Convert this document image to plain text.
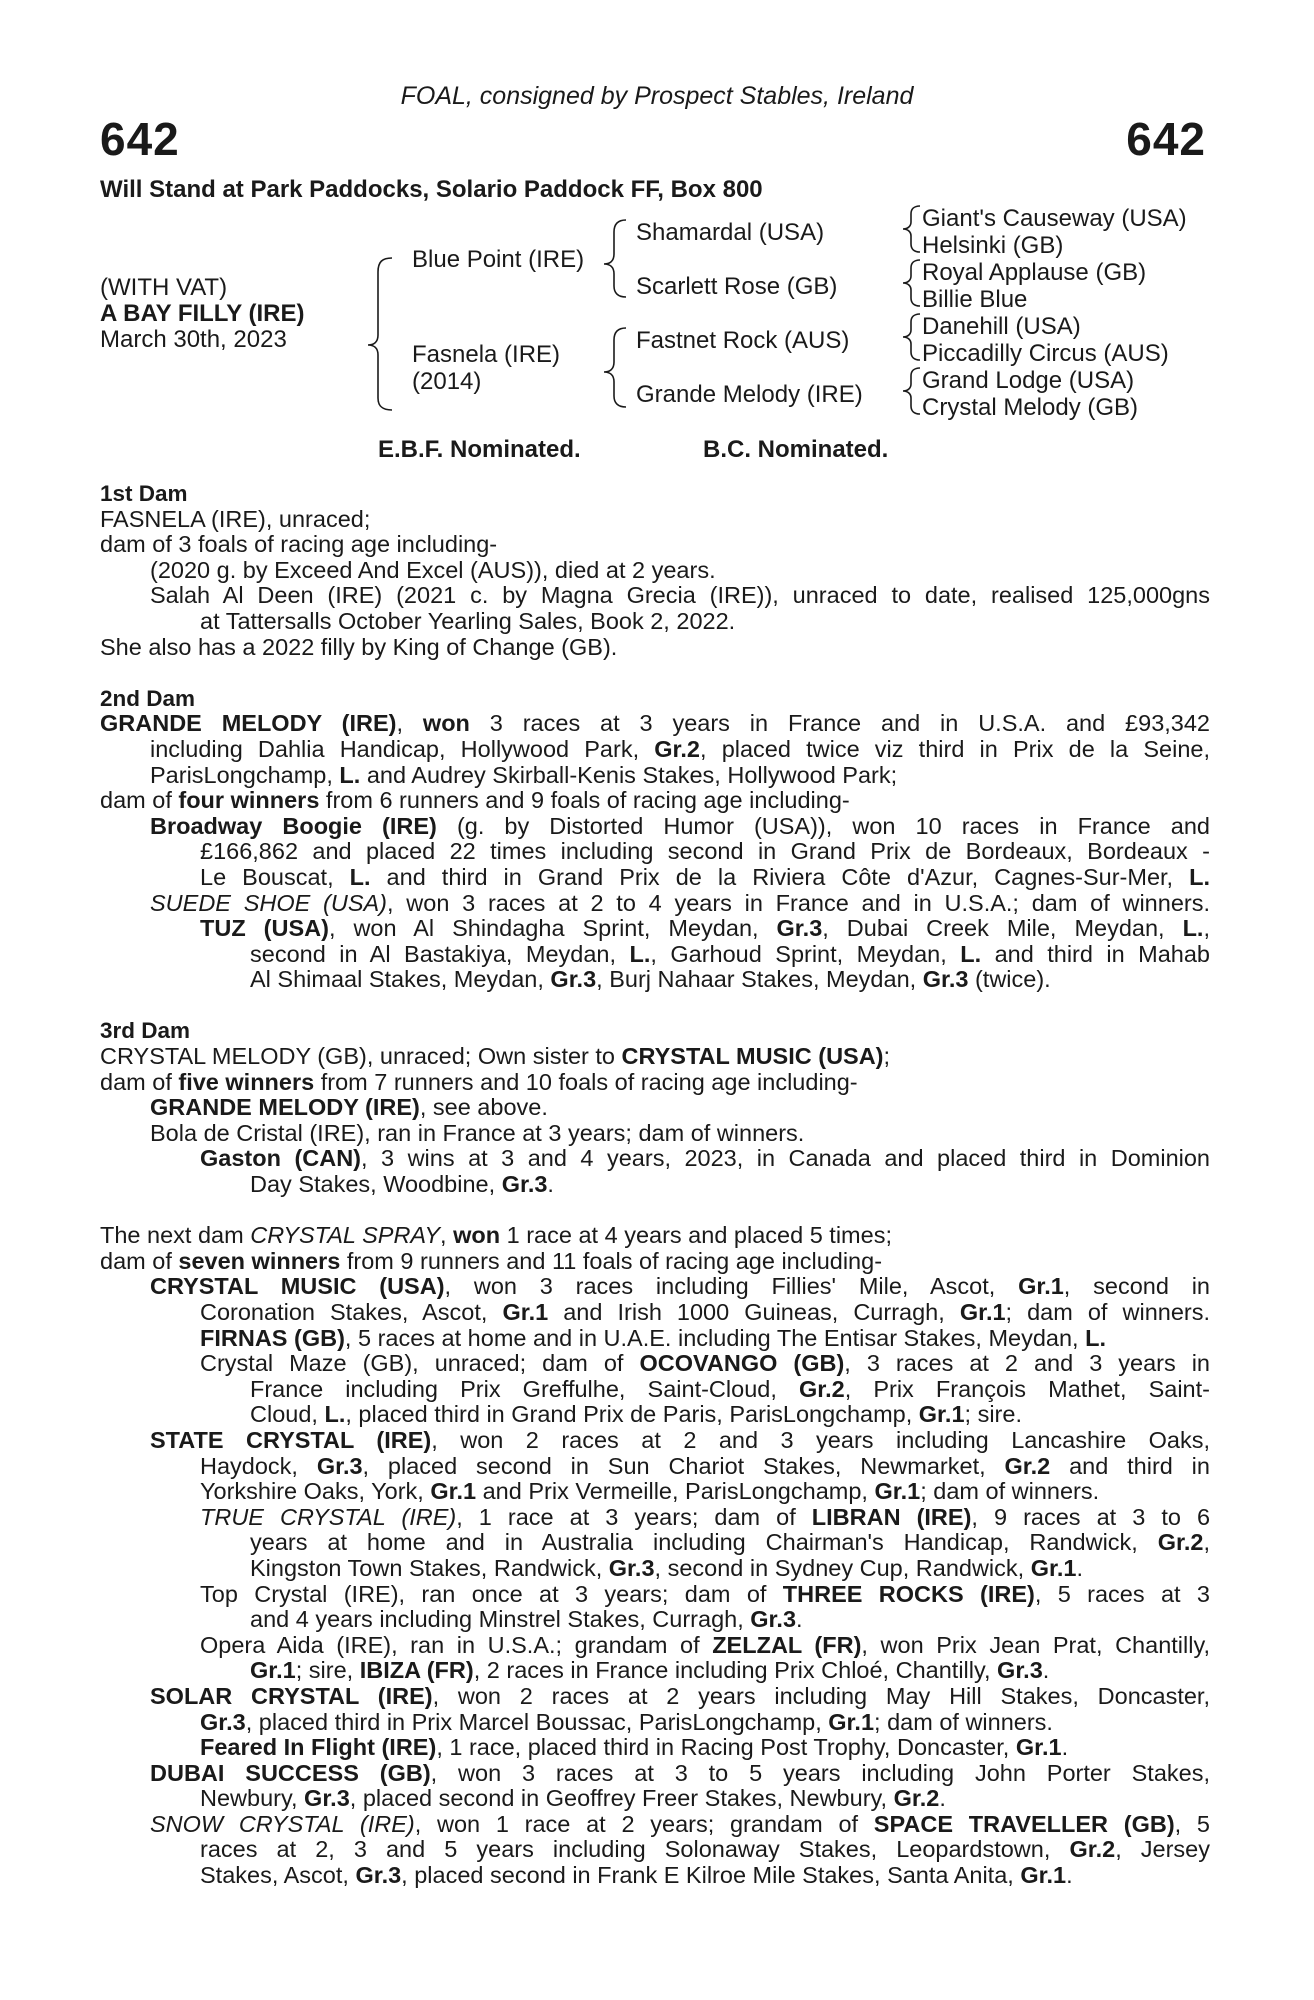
FOAL, consigned by Prospect Stables, Ireland
642	642
Will Stand at Park Paddocks, Solario Paddock FF, Box 800
(WITH VAT)
A BAY FILLY (IRE)
March 30th, 2023
Blue Point (IRE)
Fasnela (IRE)
(2014)
Shamardal (USA)
Scarlett Rose (GB)
Fastnet Rock (AUS)
Grande Melody (IRE)
Giant's Causeway (USA)
Helsinki (GB)
Royal Applause (GB)
Billie Blue
Danehill (USA)
Piccadilly Circus (AUS)
Grand Lodge (USA)
Crystal Melody (GB)
E.B.F. Nominated.	B.C. Nominated.
1st Dam
FASNELA (IRE), unraced;
dam of 3 foals of racing age including-
(2020 g. by Exceed And Excel (AUS)), died at 2 years.
Salah Al Deen (IRE) (2021 c. by Magna Grecia (IRE)), unraced to date, realised 125,000gns
at Tattersalls October Yearling Sales, Book 2, 2022.
She also has a 2022 filly by King of Change (GB).
2nd Dam
GRANDE MELODY (IRE), won 3 races at 3 years in France and in U.S.A. and £93,342
including Dahlia Handicap, Hollywood Park, Gr.2, placed twice viz third in Prix de la Seine,
ParisLongchamp, L. and Audrey Skirball-Kenis Stakes, Hollywood Park;
dam of four winners from 6 runners and 9 foals of racing age including-
Broadway Boogie (IRE) (g. by Distorted Humor (USA)), won 10 races in France and
£166,862 and placed 22 times including second in Grand Prix de Bordeaux, Bordeaux -
Le Bouscat, L. and third in Grand Prix de la Riviera Côte d'Azur, Cagnes-Sur-Mer, L.
SUEDE SHOE (USA), won 3 races at 2 to 4 years in France and in U.S.A.; dam of winners.
TUZ (USA), won Al Shindagha Sprint, Meydan, Gr.3, Dubai Creek Mile, Meydan, L.,
second in Al Bastakiya, Meydan, L., Garhoud Sprint, Meydan, L. and third in Mahab
Al Shimaal Stakes, Meydan, Gr.3, Burj Nahaar Stakes, Meydan, Gr.3 (twice).
3rd Dam
CRYSTAL MELODY (GB), unraced; Own sister to CRYSTAL MUSIC (USA);
dam of five winners from 7 runners and 10 foals of racing age including-
GRANDE MELODY (IRE), see above.
Bola de Cristal (IRE), ran in France at 3 years; dam of winners.
Gaston (CAN), 3 wins at 3 and 4 years, 2023, in Canada and placed third in Dominion
Day Stakes, Woodbine, Gr.3.
The next dam CRYSTAL SPRAY, won 1 race at 4 years and placed 5 times;
dam of seven winners from 9 runners and 11 foals of racing age including-
CRYSTAL MUSIC (USA), won 3 races including Fillies' Mile, Ascot, Gr.1, second in
Coronation Stakes, Ascot, Gr.1 and Irish 1000 Guineas, Curragh, Gr.1; dam of winners.
FIRNAS (GB), 5 races at home and in U.A.E. including The Entisar Stakes, Meydan, L.
Crystal Maze (GB), unraced; dam of OCOVANGO (GB), 3 races at 2 and 3 years in
France including Prix Greffulhe, Saint-Cloud, Gr.2, Prix François Mathet, Saint-
Cloud, L., placed third in Grand Prix de Paris, ParisLongchamp, Gr.1; sire.
STATE CRYSTAL (IRE), won 2 races at 2 and 3 years including Lancashire Oaks,
Haydock, Gr.3, placed second in Sun Chariot Stakes, Newmarket, Gr.2 and third in
Yorkshire Oaks, York, Gr.1 and Prix Vermeille, ParisLongchamp, Gr.1; dam of winners.
TRUE CRYSTAL (IRE), 1 race at 3 years; dam of LIBRAN (IRE), 9 races at 3 to 6
years at home and in Australia including Chairman's Handicap, Randwick, Gr.2,
Kingston Town Stakes, Randwick, Gr.3, second in Sydney Cup, Randwick, Gr.1.
Top Crystal (IRE), ran once at 3 years; dam of THREE ROCKS (IRE), 5 races at 3
and 4 years including Minstrel Stakes, Curragh, Gr.3.
Opera Aida (IRE), ran in U.S.A.; grandam of ZELZAL (FR), won Prix Jean Prat, Chantilly,
Gr.1; sire, IBIZA (FR), 2 races in France including Prix Chloé, Chantilly, Gr.3.
SOLAR CRYSTAL (IRE), won 2 races at 2 years including May Hill Stakes, Doncaster,
Gr.3, placed third in Prix Marcel Boussac, ParisLongchamp, Gr.1; dam of winners.
Feared In Flight (IRE), 1 race, placed third in Racing Post Trophy, Doncaster, Gr.1.
DUBAI SUCCESS (GB), won 3 races at 3 to 5 years including John Porter Stakes,
Newbury, Gr.3, placed second in Geoffrey Freer Stakes, Newbury, Gr.2.
SNOW CRYSTAL (IRE), won 1 race at 2 years; grandam of SPACE TRAVELLER (GB), 5
races at 2, 3 and 5 years including Solonaway Stakes, Leopardstown, Gr.2, Jersey
Stakes, Ascot, Gr.3, placed second in Frank E Kilroe Mile Stakes, Santa Anita, Gr.1.
